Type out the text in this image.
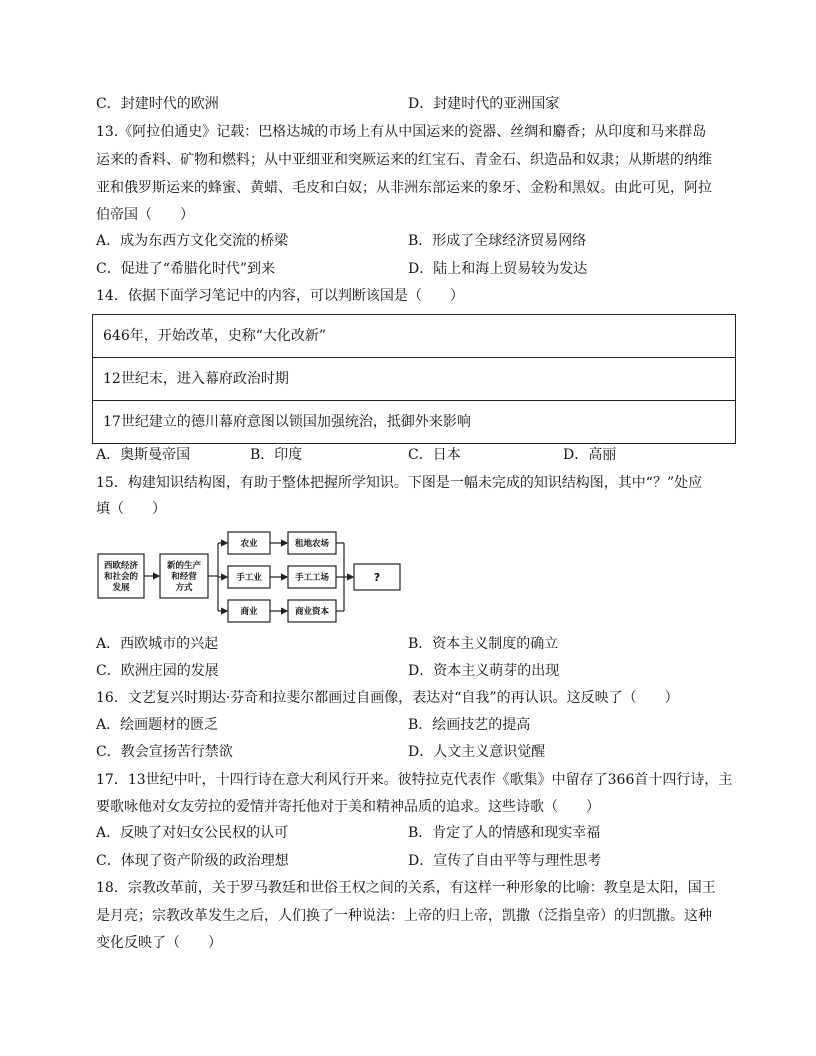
C．封建时代的欧洲	D．封建时代的亚洲国家
13.《阿拉伯通史》记载：巴格达城的市场上有从中国运来的瓷器、丝绸和麝香；从印度和马来群岛
运来的香料、矿物和燃料；从中亚细亚和突厥运来的红宝石、青金石、织造品和奴隶；从斯堪的纳维
亚和俄罗斯运来的蜂蜜、黄蜡、毛皮和白奴；从非洲东部运来的象牙、金粉和黑奴。由此可见，阿拉
伯帝国（　　）
A．成为东西方文化交流的桥梁	B．形成了全球经济贸易网络
C．促进了“希腊化时代”到来	D．陆上和海上贸易较为发达
14．依据下面学习笔记中的内容，可以判断该国是（　　）
646年，开始改革，史称“大化改新”
12世纪末，进入幕府政治时期
17世纪建立的德川幕府意图以锁国加强统治，抵御外来影响
A．奥斯曼帝国	B．印度	C．日本	D．高丽
15．构建知识结构图，有助于整体把握所学知识。下图是一幅未完成的知识结构图，其中“？”处应
填（　　）
西欧经济
和社会的
发展
新的生产
和经营
方式
农业
手工业
商业
租地农场
手工工场
商业资本
?
A．西欧城市的兴起	B．资本主义制度的确立
C．欧洲庄园的发展	D．资本主义萌芽的出现
16．文艺复兴时期达·芬奇和拉斐尔都画过自画像，表达对“自我”的再认识。这反映了（　　）
A．绘画题材的匮乏	B．绘画技艺的提高
C．教会宣扬苦行禁欲	D．人文主义意识觉醒
17．13世纪中叶，十四行诗在意大利风行开来。彼特拉克代表作《歌集》中留存了366首十四行诗，主
要歌咏他对女友劳拉的爱情并寄托他对于美和精神品质的追求。这些诗歌（　　）
A．反映了对妇女公民权的认可	B．肯定了人的情感和现实幸福
C．体现了资产阶级的政治理想	D．宣传了自由平等与理性思考
18．宗教改革前，关于罗马教廷和世俗王权之间的关系，有这样一种形象的比喻：教皇是太阳，国王
是月亮；宗教改革发生之后，人们换了一种说法：上帝的归上帝，凯撒（泛指皇帝）的归凯撒。这种
变化反映了（　　）
